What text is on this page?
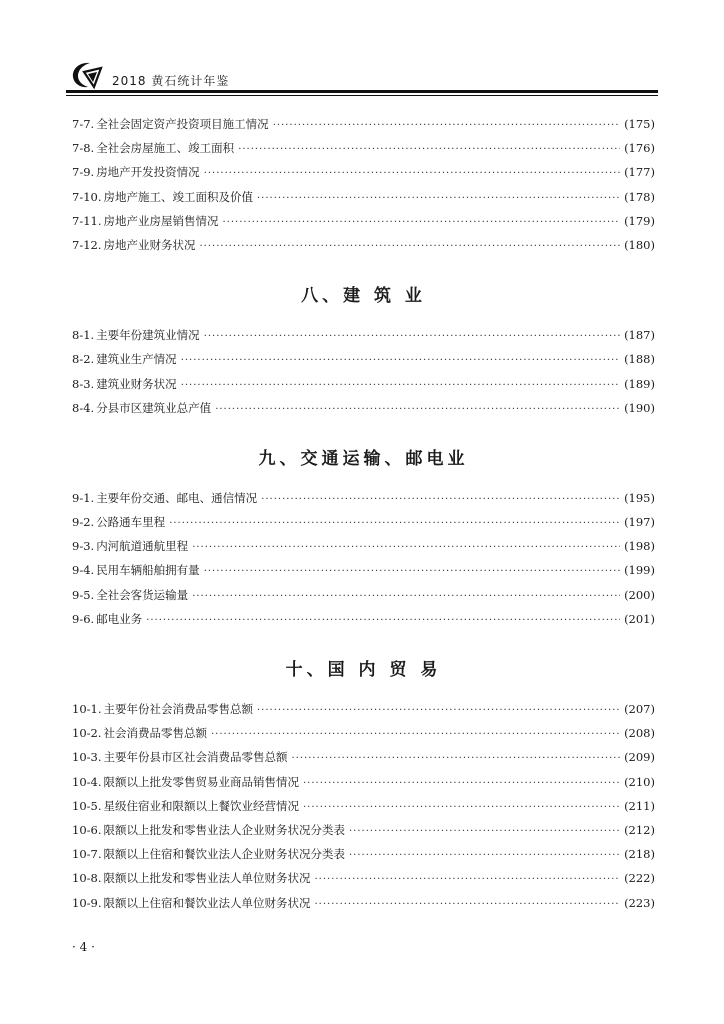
2018 黄石统计年鉴
7-7. 全社会固定资产投资项目施工情况 ·····	(175)
7-8. 全社会房屋施工、竣工面积 ·····	(176)
7-9. 房地产开发投资情况 ·····	(177)
7-10. 房地产施工、竣工面积及价值 ·····	(178)
7-11. 房地产业房屋销售情况 ·····	(179)
7-12. 房地产业财务状况 ·····	(180)
八、建 筑 业
8-1. 主要年份建筑业情况 ·····	(187)
8-2. 建筑业生产情况 ·····	(188)
8-3. 建筑业财务状况 ·····	(189)
8-4. 分县市区建筑业总产值 ·····	(190)
九、交通运输、邮电业
9-1. 主要年份交通、邮电、通信情况 ·····	(195)
9-2. 公路通车里程 ·····	(197)
9-3. 内河航道通航里程 ·····	(198)
9-4. 民用车辆船舶拥有量 ·····	(199)
9-5. 全社会客货运输量 ·····	(200)
9-6. 邮电业务 ·····	(201)
十、国 内 贸 易
10-1. 主要年份社会消费品零售总额 ·····	(207)
10-2. 社会消费品零售总额 ·····	(208)
10-3. 主要年份县市区社会消费品零售总额 ·····	(209)
10-4. 限额以上批发零售贸易业商品销售情况 ·····	(210)
10-5. 星级住宿业和限额以上餐饮业经营情况 ·····	(211)
10-6. 限额以上批发和零售业法人企业财务状况分类表 ·····	(212)
10-7. 限额以上住宿和餐饮业法人企业财务状况分类表 ·····	(218)
10-8. 限额以上批发和零售业法人单位财务状况 ·····	(222)
10-9. 限额以上住宿和餐饮业法人单位财务状况 ·····	(223)
· 4 ·
